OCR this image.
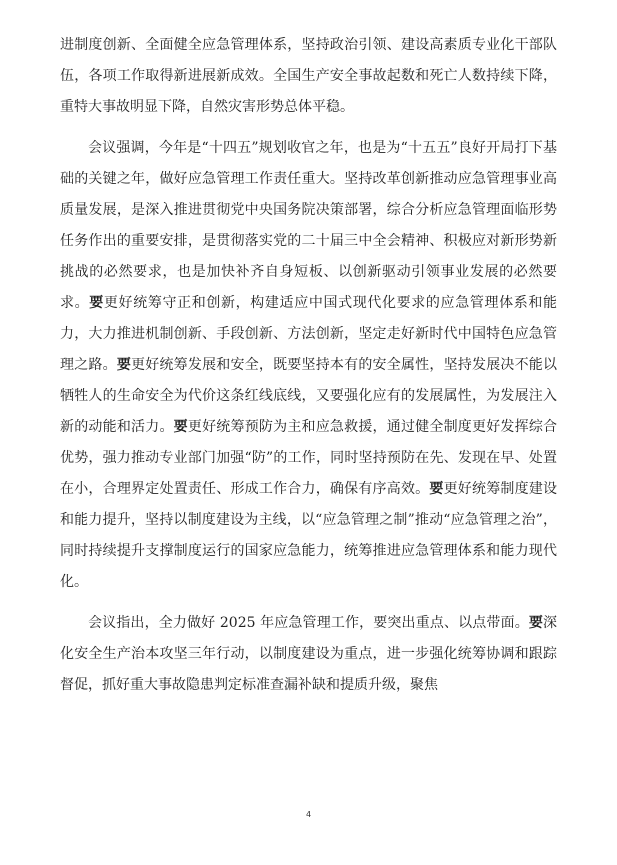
进制度创新、全面健全应急管理体系，坚持政治引领、建设高素质专业化干部队伍，各项工作取得新进展新成效。全国生产安全事故起数和死亡人数持续下降，重特大事故明显下降，自然灾害形势总体平稳。

会议强调，今年是“十四五”规划收官之年，也是为“十五五”良好开局打下基础的关键之年，做好应急管理工作责任重大。坚持改革创新推动应急管理事业高质量发展，是深入推进贯彻党中央国务院决策部署，综合分析应急管理面临形势任务作出的重要安排，是贯彻落实党的二十届三中全会精神、积极应对新形势新挑战的必然要求，也是加快补齐自身短板、以创新驱动引领事业发展的必然要求。要更好统筹守正和创新，构建适应中国式现代化要求的应急管理体系和能力，大力推进机制创新、手段创新、方法创新，坚定走好新时代中国特色应急管理之路。要更好统筹发展和安全，既要坚持本有的安全属性，坚持发展决不能以牺牲人的生命安全为代价这条红线底线，又要强化应有的发展属性，为发展注入新的动能和活力。要更好统筹预防为主和应急救援，通过健全制度更好发挥综合优势，强力推动专业部门加强“防”的工作，同时坚持预防在先、发现在早、处置在小，合理界定处置责任、形成工作合力，确保有序高效。要更好统筹制度建设和能力提升，坚持以制度建设为主线，以“应急管理之制”推动“应急管理之治”，同时持续提升支撑制度运行的国家应急能力，统筹推进应急管理体系和能力现代化。

会议指出，全力做好 2025 年应急管理工作，要突出重点、以点带面。要深化安全生产治本攻坚三年行动，以制度建设为重点，进一步强化统筹协调和跟踪督促，抓好重大事故隐患判定标准查漏补缺和提质升级，聚焦

4
